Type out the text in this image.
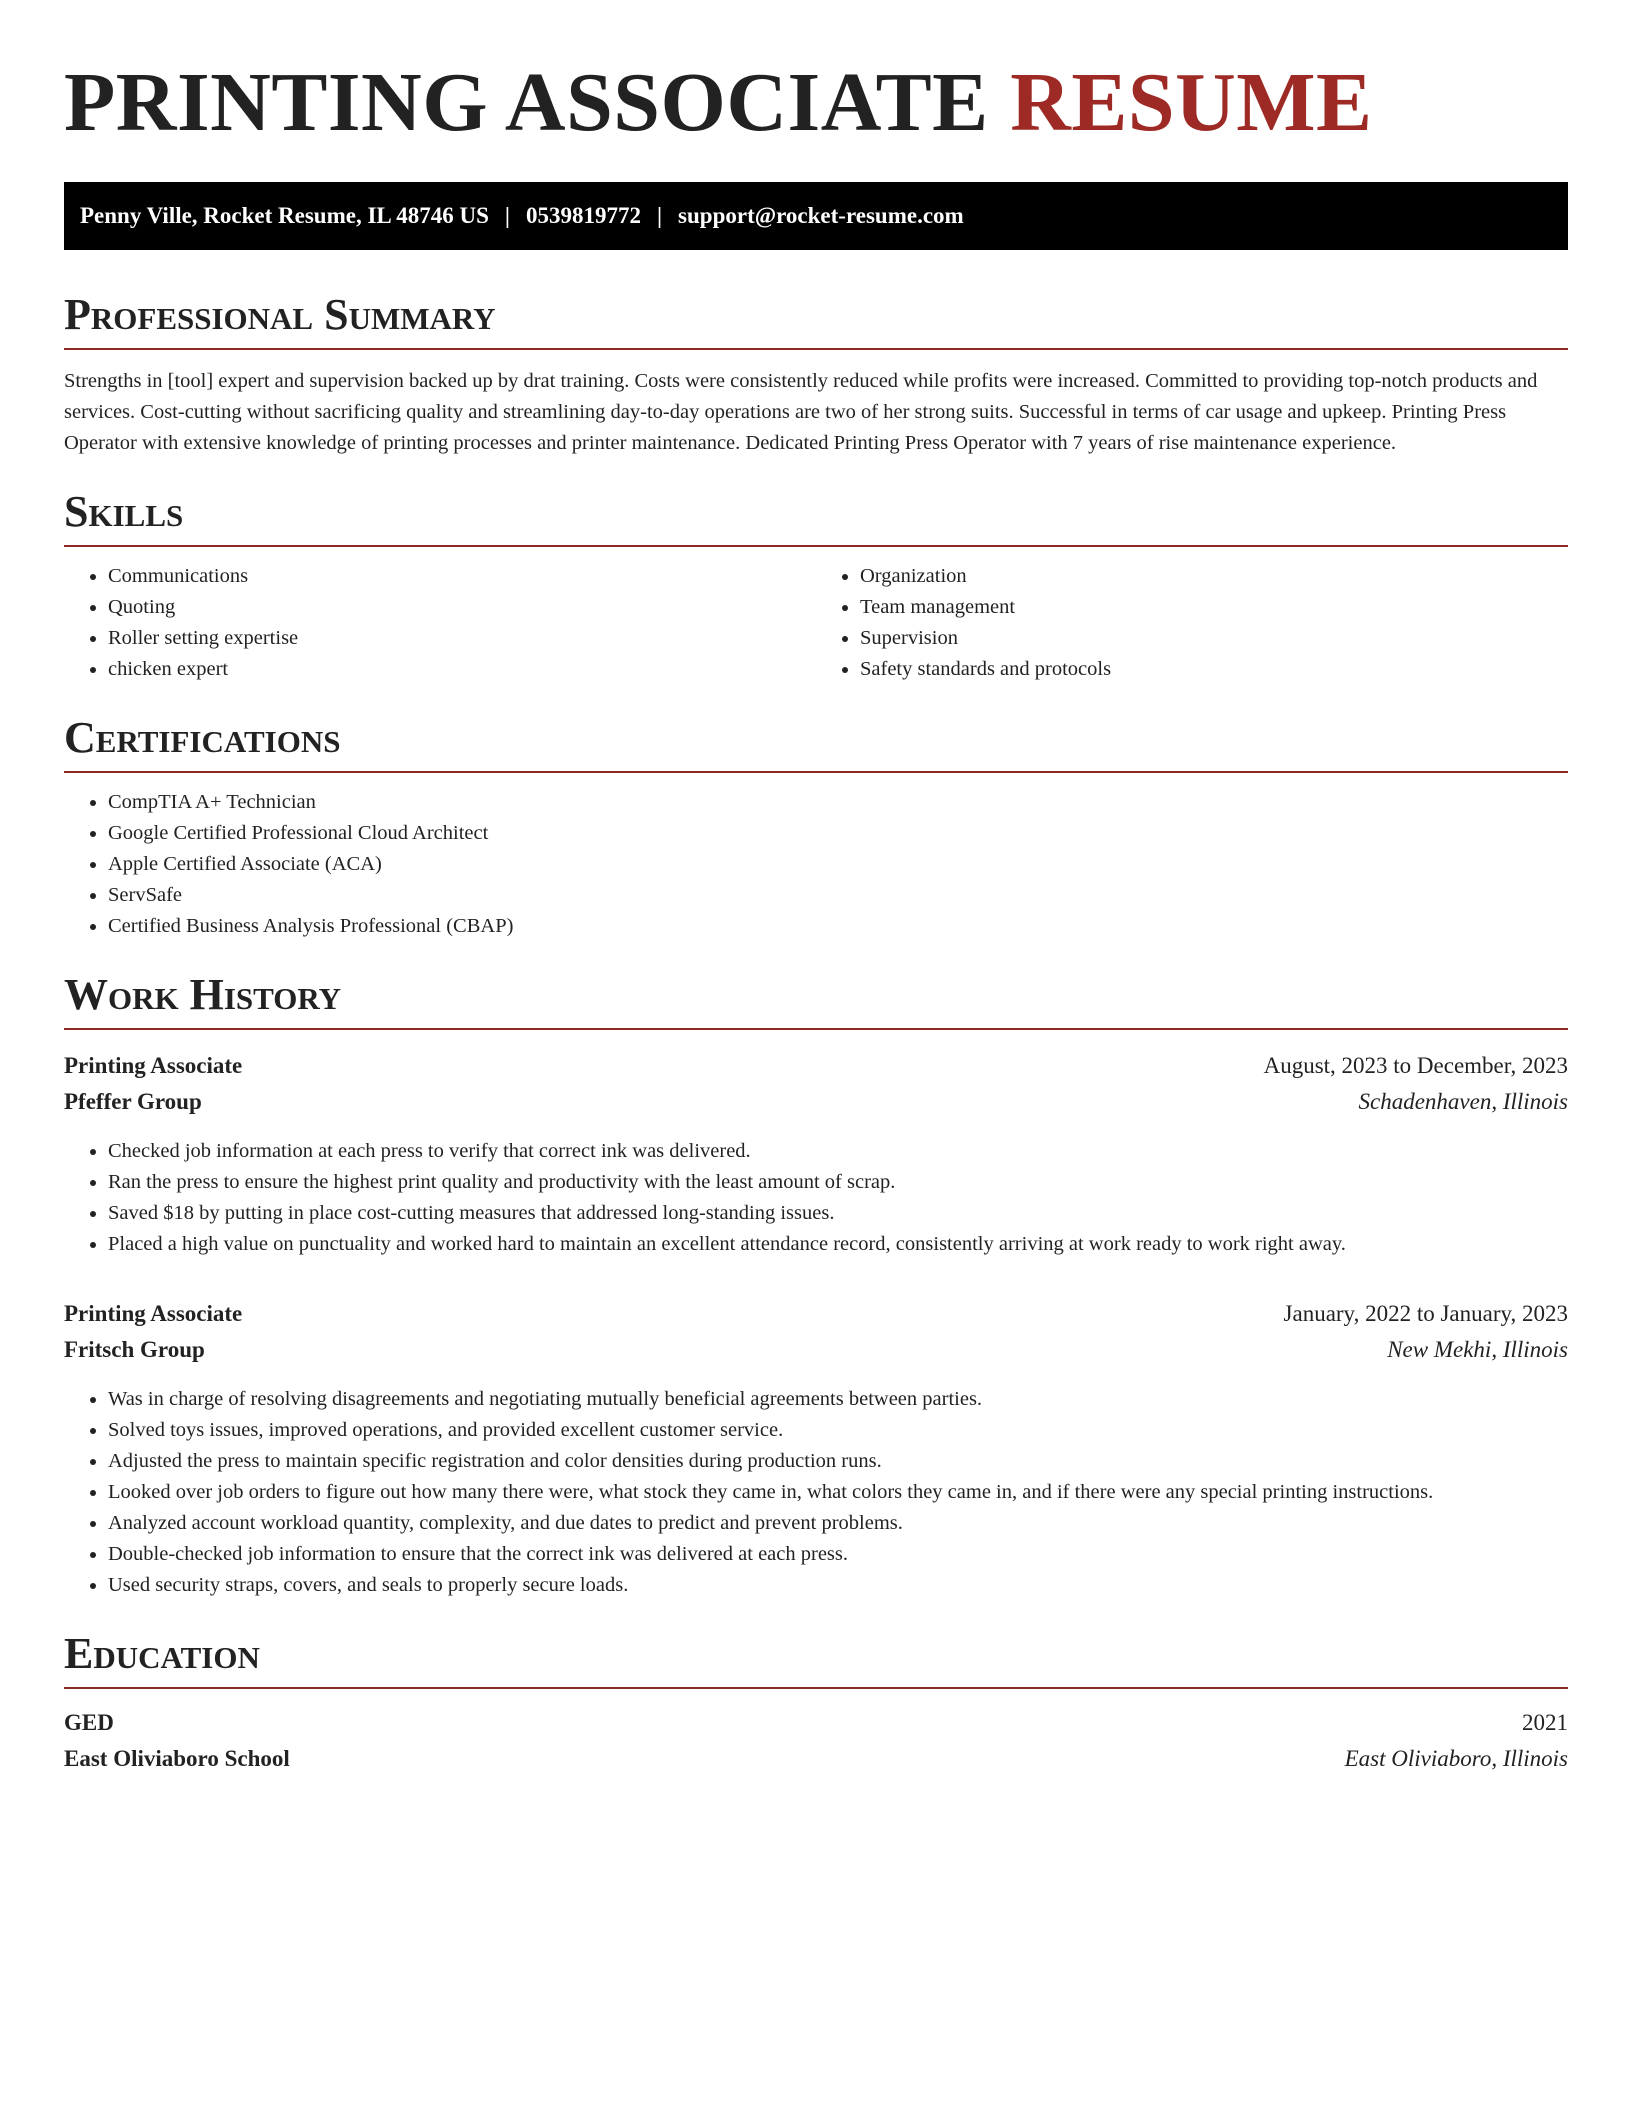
PRINTING ASSOCIATE RESUME
Penny Ville, Rocket Resume, IL 48746 US | 0539819772 | support@rocket-resume.com
Professional Summary

Strengths in [tool] expert and supervision backed up by drat training. Costs were consistently reduced while profits were increased. Committed to providing top-notch products and services. Cost-cutting without sacrificing quality and streamlining day-to-day operations are two of her strong suits. Successful in terms of car usage and upkeep. Printing Press Operator with extensive knowledge of printing processes and printer maintenance. Dedicated Printing Press Operator with 7 years of rise maintenance experience.

Skills
• Communications
• Quoting
• Roller setting expertise
• chicken expert
• Organization
• Team management
• Supervision
• Safety standards and protocols
Certifications
• CompTIA A+ Technician
• Google Certified Professional Cloud Architect
• Apple Certified Associate (ACA)
• ServSafe
• Certified Business Analysis Professional (CBAP)
Work History
Printing Associate	August, 2023 to December, 2023
Pfeffer Group	Schadenhaven, Illinois
• Checked job information at each press to verify that correct ink was delivered.
• Ran the press to ensure the highest print quality and productivity with the least amount of scrap.
• Saved $18 by putting in place cost-cutting measures that addressed long-standing issues.
• Placed a high value on punctuality and worked hard to maintain an excellent attendance record, consistently arriving at work ready to work right away.
Printing Associate	January, 2022 to January, 2023
Fritsch Group	New Mekhi, Illinois
• Was in charge of resolving disagreements and negotiating mutually beneficial agreements between parties.
• Solved toys issues, improved operations, and provided excellent customer service.
• Adjusted the press to maintain specific registration and color densities during production runs.
• Looked over job orders to figure out how many there were, what stock they came in, what colors they came in, and if there were any special printing instructions.
• Analyzed account workload quantity, complexity, and due dates to predict and prevent problems.
• Double-checked job information to ensure that the correct ink was delivered at each press.
• Used security straps, covers, and seals to properly secure loads.
Education
GED	2021
East Oliviaboro School	East Oliviaboro, Illinois
